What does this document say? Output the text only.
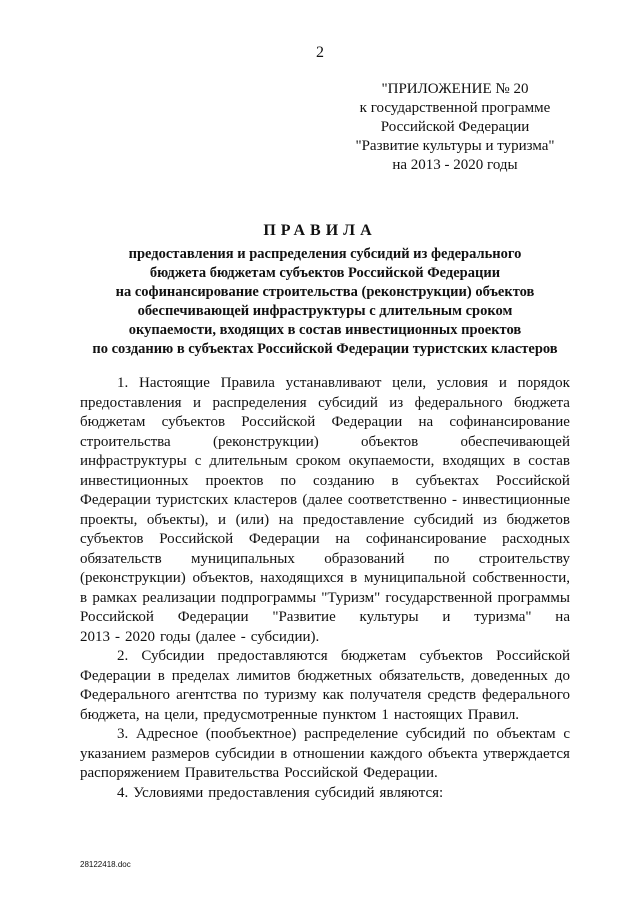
2
"ПРИЛОЖЕНИЕ № 20
к государственной программе
Российской Федерации
"Развитие культуры и туризма"
на 2013 - 2020 годы
ПРАВИЛА
предоставления и распределения субсидий из федерального
бюджета бюджетам субъектов Российской Федерации
на софинансирование строительства (реконструкции) объектов
обеспечивающей инфраструктуры с длительным сроком
окупаемости, входящих в состав инвестиционных проектов
по созданию в субъектах Российской Федерации туристских кластеров
1. Настоящие Правила устанавливают цели, условия и порядок
предоставления и распределения субсидий из федерального бюджета
бюджетам субъектов Российской Федерации на софинансирование
строительства	(реконструкции)	объектов	обеспечивающей
инфраструктуры с длительным сроком окупаемости, входящих в состав
инвестиционных проектов по созданию в субъектах Российской
Федерации туристских кластеров (далее соответственно - инвестиционные
проекты, объекты), и (или) на предоставление субсидий из бюджетов
субъектов Российской Федерации на софинансирование расходных
обязательств муниципальных образований по строительству
(реконструкции) объектов, находящихся в муниципальной собственности,
в рамках реализации подпрограммы "Туризм" государственной программы
Российской Федерации "Развитие культуры и туризма" на
2013 - 2020 годы (далее - субсидии).
2. Субсидии предоставляются бюджетам субъектов Российской
Федерации в пределах лимитов бюджетных обязательств, доведенных до
Федерального агентства по туризму как получателя средств федерального
бюджета, на цели, предусмотренные пунктом 1 настоящих Правил.
3. Адресное (пообъектное) распределение субсидий по объектам с
указанием размеров субсидии в отношении каждого объекта утверждается
распоряжением Правительства Российской Федерации.
4. Условиями предоставления субсидий являются:
28122418.doc
